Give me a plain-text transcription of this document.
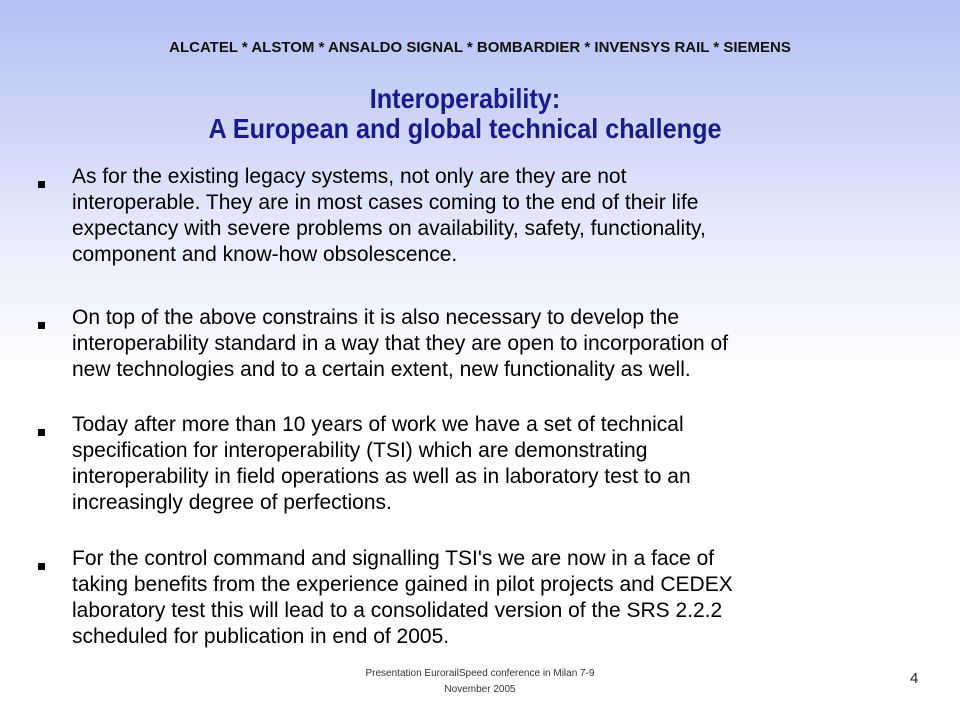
ALCATEL * ALSTOM * ANSALDO SIGNAL * BOMBARDIER * INVENSYS RAIL * SIEMENS
Interoperability:
A European and global technical challenge
As for the existing legacy systems, not only are they are not
interoperable. They are in most cases coming to the end of their life
expectancy with severe problems on availability, safety, functionality,
component and know-how obsolescence.
On top of the above constrains it is also necessary to develop the
interoperability standard in a way that they are open to incorporation of
new technologies and to a certain extent, new functionality as well.
Today after more than 10 years of work we have a set of technical
specification for interoperability (TSI) which are demonstrating
interoperability in field operations as well as in laboratory test to an
increasingly degree of perfections.
For the control command and signalling TSI's we are now in a face of
taking benefits from the experience gained in pilot projects and CEDEX
laboratory test this will lead to a consolidated version of the SRS 2.2.2
scheduled for publication in end of 2005.
Presentation EurorailSpeed conference in Milan 7-9
November 2005
4
